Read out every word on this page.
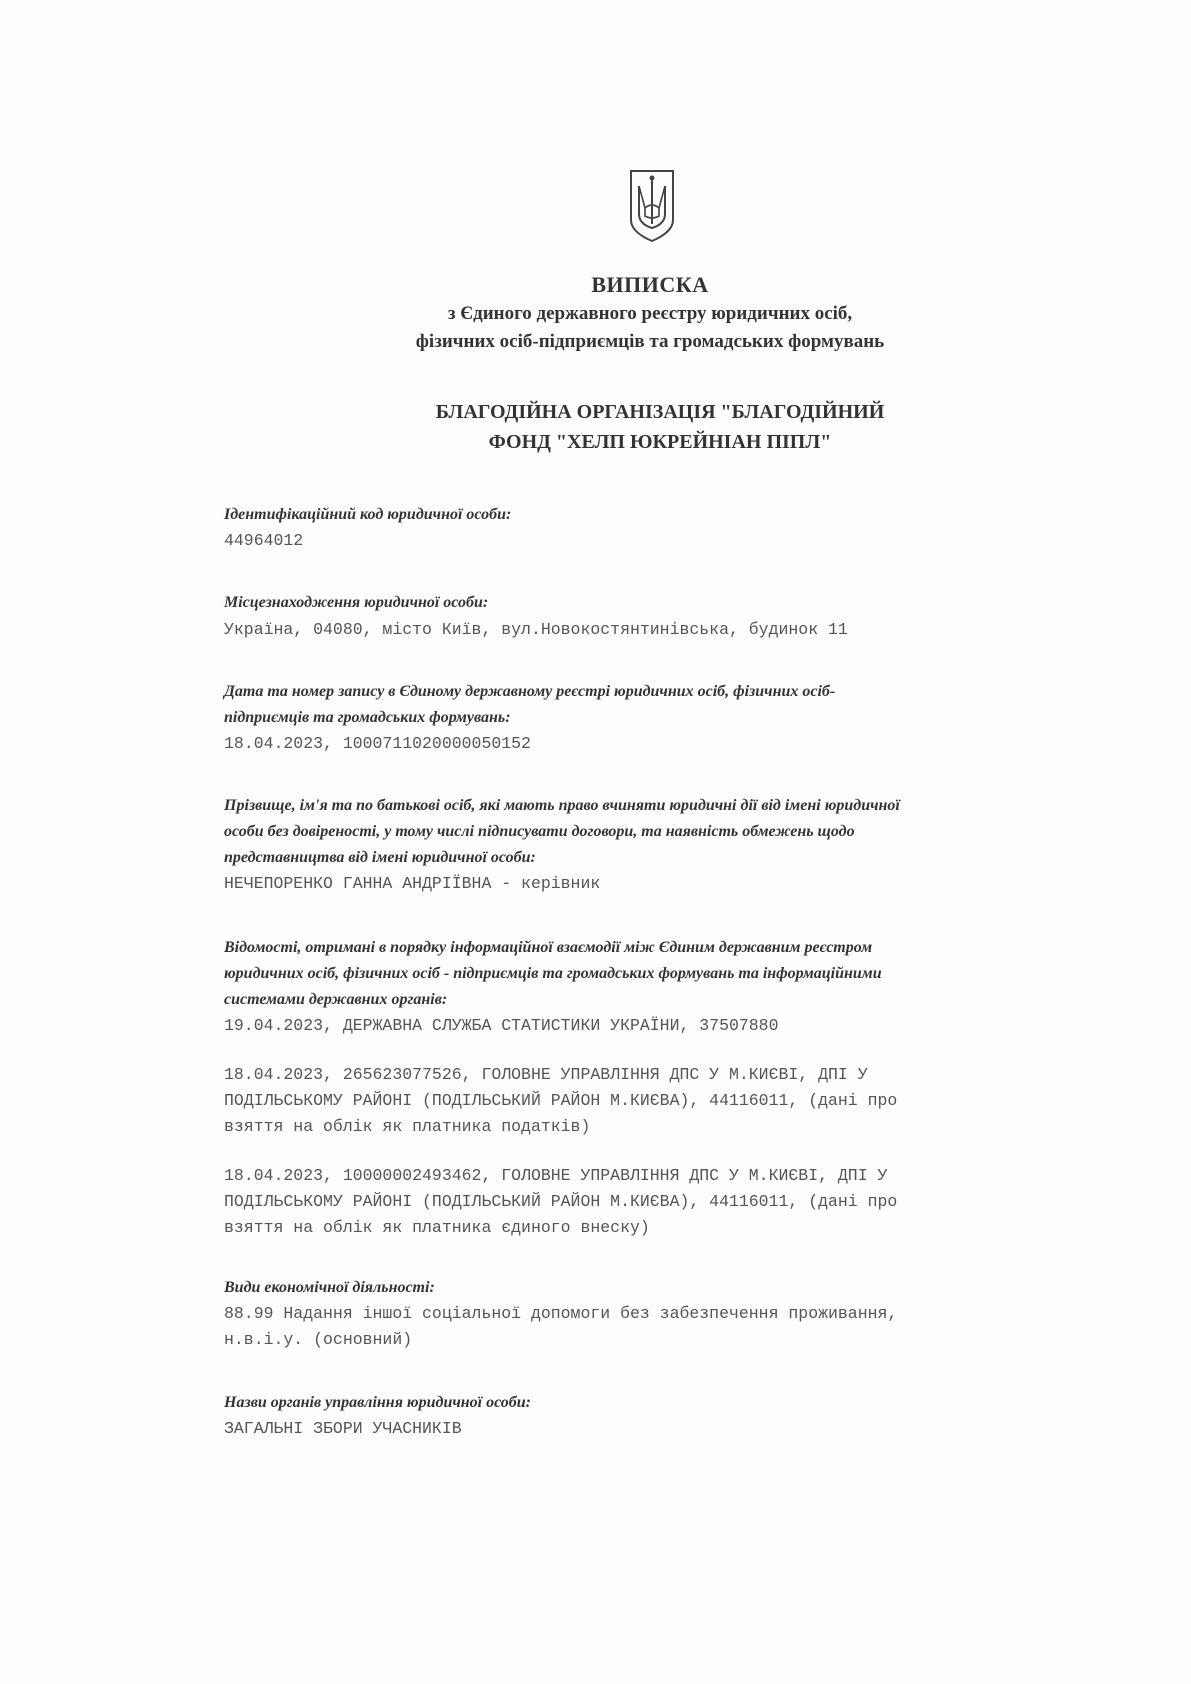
ВИПИСКА
з Єдиного державного реєстру юридичних осіб,
фізичних осіб-підприємців та громадських формувань
БЛАГОДІЙНА ОРГАНІЗАЦІЯ "БЛАГОДІЙНИЙ
ФОНД "ХЕЛП ЮКРЕЙНІАН ПІПЛ"
Ідентифікаційний код юридичної особи:
44964012
Місцезнаходження юридичної особи:
Україна, 04080, місто Київ, вул.Новокостянтинівська, будинок 11
Дата та номер запису в Єдиному державному реєстрі юридичних осіб, фізичних осіб-
підприємців та громадських формувань:
18.04.2023, 1000711020000050152
Прізвище, ім'я та по батькові осіб, які мають право вчиняти юридичні дії від імені юридичної
особи без довіреності, у тому числі підписувати договори, та наявність обмежень щодо
представництва від імені юридичної особи:
НЕЧЕПОРЕНКО ГАННА АНДРІЇВНА - керівник
Відомості, отримані в порядку інформаційної взаємодії між Єдиним державним реєстром
юридичних осіб, фізичних осіб - підприємців та громадських формувань та інформаційними
системами державних органів:
19.04.2023, ДЕРЖАВНА СЛУЖБА СТАТИСТИКИ УКРАЇНИ, 37507880
18.04.2023, 265623077526, ГОЛОВНЕ УПРАВЛІННЯ ДПС У М.КИЄВІ, ДПІ У
ПОДІЛЬСЬКОМУ РАЙОНІ (ПОДІЛЬСЬКИЙ РАЙОН М.КИЄВА), 44116011, (дані про
взяття на облік як платника податків)
18.04.2023, 10000002493462, ГОЛОВНЕ УПРАВЛІННЯ ДПС У М.КИЄВІ, ДПІ У
ПОДІЛЬСЬКОМУ РАЙОНІ (ПОДІЛЬСЬКИЙ РАЙОН М.КИЄВА), 44116011, (дані про
взяття на облік як платника єдиного внеску)
Види економічної діяльності:
88.99 Надання іншої соціальної допомоги без забезпечення проживання,
н.в.і.у. (основний)
Назви органів управління юридичної особи:
ЗАГАЛЬНІ ЗБОРИ УЧАСНИКІВ
